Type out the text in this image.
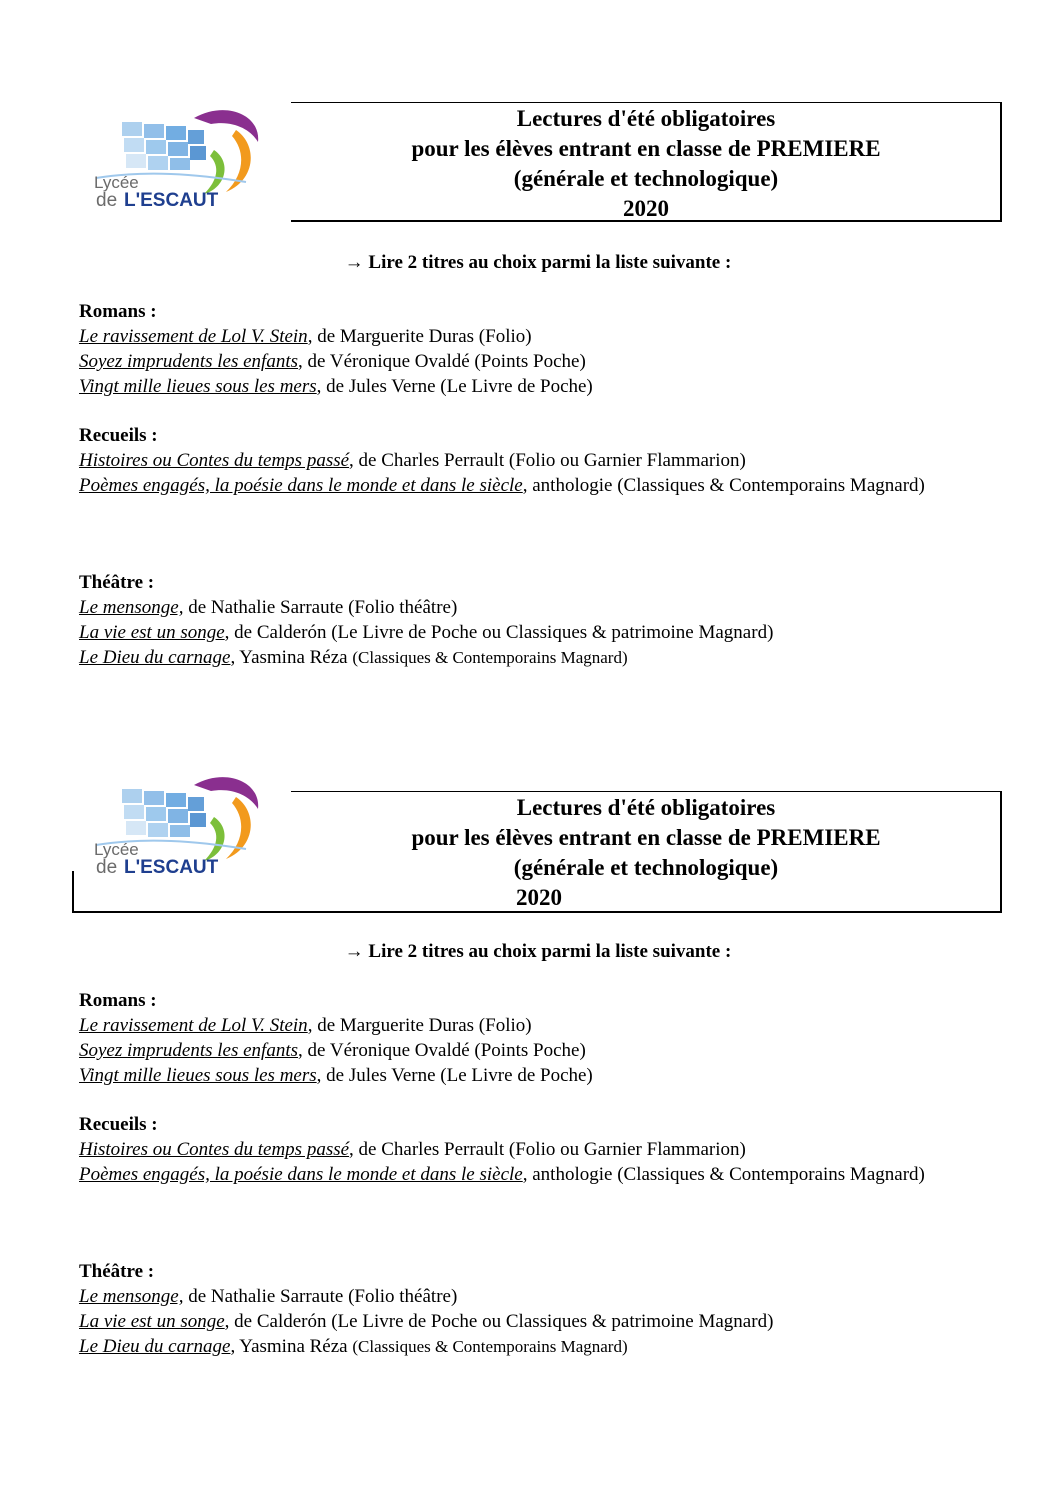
Lycée
de L'ESCAUT
Lectures d'été obligatoires
pour les élèves entrant en classe de PREMIERE
(générale et technologique)
2020
→ Lire 2 titres au choix parmi la liste suivante :
Romans :
Le ravissement de Lol V. Stein, de Marguerite Duras (Folio)
Soyez imprudents les enfants, de Véronique Ovaldé (Points Poche)
Vingt mille lieues sous les mers, de Jules Verne (Le Livre de Poche)
Recueils :
Histoires ou Contes du temps passé, de Charles Perrault (Folio ou Garnier Flammarion)
Poèmes engagés, la poésie dans le monde et dans le siècle, anthologie (Classiques & Contemporains Magnard)
Théâtre :
Le mensonge, de Nathalie Sarraute (Folio théâtre)
La vie est un songe, de Calderón (Le Livre de Poche ou Classiques & patrimoine Magnard)
Le Dieu du carnage, Yasmina Réza (Classiques & Contemporains Magnard)
Lycée
de L'ESCAUT
Lectures d'été obligatoires
pour les élèves entrant en classe de PREMIERE
(générale et technologique)
2020
→ Lire 2 titres au choix parmi la liste suivante :
Romans :
Le ravissement de Lol V. Stein, de Marguerite Duras (Folio)
Soyez imprudents les enfants, de Véronique Ovaldé (Points Poche)
Vingt mille lieues sous les mers, de Jules Verne (Le Livre de Poche)
Recueils :
Histoires ou Contes du temps passé, de Charles Perrault (Folio ou Garnier Flammarion)
Poèmes engagés, la poésie dans le monde et dans le siècle, anthologie (Classiques & Contemporains Magnard)
Théâtre :
Le mensonge, de Nathalie Sarraute (Folio théâtre)
La vie est un songe, de Calderón (Le Livre de Poche ou Classiques & patrimoine Magnard)
Le Dieu du carnage, Yasmina Réza (Classiques & Contemporains Magnard)
